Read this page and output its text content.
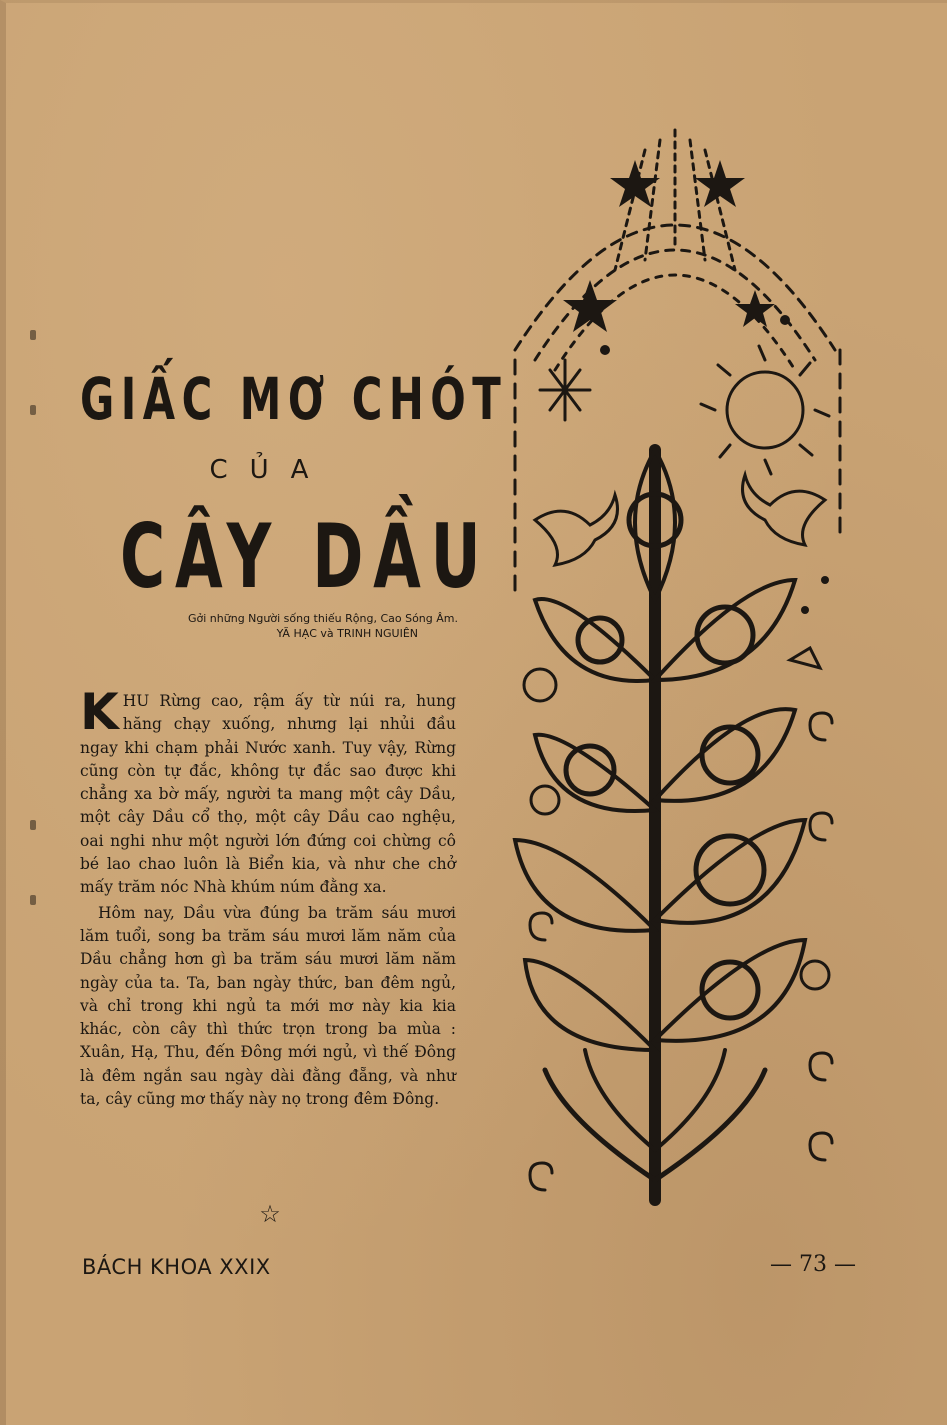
GIẤC MƠ CHÓT
CỦA
CÂY DẦU
Gởi những Người sống thiếu Rộng, Cao Sóng Âm.
YÃ HẠC và TRINH NGUIÊN

KHU Rừng cao, rậm ấy từ núi ra, hung hăng chạy xuống, nhưng lại nhủi đầu ngay khi chạm phải Nước xanh. Tuy vậy, Rừng cũng còn tự đắc, không tự đắc sao được khi chẳng xa bờ mấy, người ta mang một cây Dầu, một cây Dầu cổ thọ, một cây Dầu cao nghệu, oai nghi như một người lớn đứng coi chừng cô bé lao chao luôn là Biển kia, và như che chở mấy trăm nóc Nhà khúm núm đằng xa.

Hôm nay, Dầu vừa đúng ba trăm sáu mươi lăm tuổi, song ba trăm sáu mươi lăm năm của Dầu chẳng hơn gì ba trăm sáu mươi lăm năm ngày của ta. Ta, ban ngày thức, ban đêm ngủ, và chỉ trong khi ngủ ta mới mơ này kia kia khác, còn cây thì thức trọn trong ba mùa : Xuân, Hạ, Thu, đến Đông mới ngủ, vì thế Đông là đêm ngắn sau ngày dài đằng đẵng, và như ta, cây cũng mơ thấy này nọ trong đêm Đông.

☆
BÁCH KHOA XXIX	— 73 —
